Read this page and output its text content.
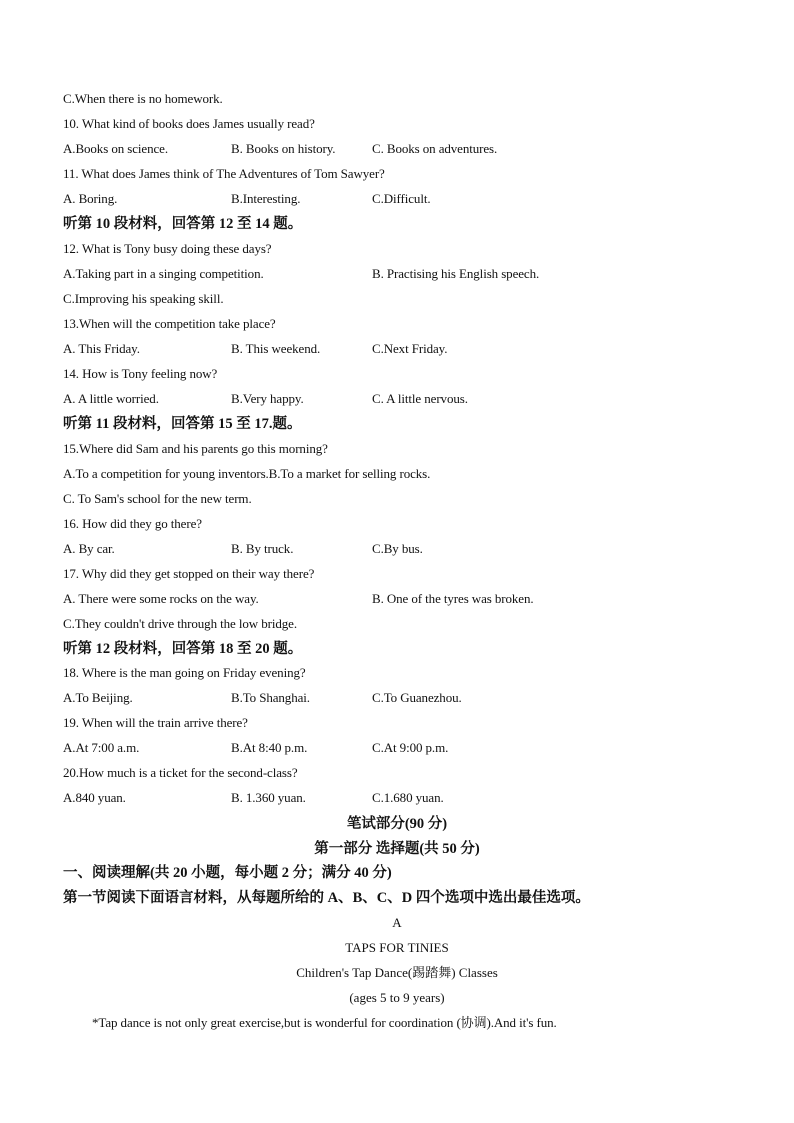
C.When there is no homework.
10. What kind of books does James usually read?
A.Books on science.	B. Books on history.	C. Books on adventures.
11. What does James think of The Adventures of Tom Sawyer?
A. Boring.	B.Interesting.	C.Difficult.
听第 10 段材料，回答第 12 至 14 题。
12. What is Tony busy doing these days?
A.Taking part in a singing competition.	B. Practising his English speech.
C.Improving his speaking skill.
13.When will the competition take place?
A. This Friday.	B. This weekend.	C.Next Friday.
14. How is Tony feeling now?
A. A little worried.	B.Very happy.	C. A little nervous.
听第 11 段材料，回答第 15 至 17.题。
15.Where did Sam and his parents go this morning?
A.To a competition for young inventors.B.To a market for selling rocks.
C. To Sam's school for the new term.
16. How did they go there?
A. By car.	B. By truck.	C.By bus.
17. Why did they get stopped on their way there?
A. There were some rocks on the way.	B. One of the tyres was broken.
C.They couldn't drive through the low bridge.
听第 12 段材料，回答第 18 至 20 题。
18. Where is the man going on Friday evening?
A.To Beijing.	B.To Shanghai.	C.To Guanezhou.
19. When will the train arrive there?
A.At 7:00 a.m.	B.At 8:40 p.m.	C.At 9:00 p.m.
20.How much is a ticket for the second-class?
A.840 yuan.	B. 1.360 yuan.	C.1.680 yuan.
笔试部分(90 分)
第一部分 选择题(共 50 分)
一、阅读理解(共 20 小题，每小题 2 分；满分 40 分)
第一节阅读下面语言材料，从每题所给的 A、B、C、D 四个选项中选出最佳选项。
A
TAPS FOR TINIES
Children's Tap Dance(踢踏舞) Classes
(ages 5 to 9 years)
*Tap dance is not only great exercise,but is wonderful for coordination (协调).And it's fun.
